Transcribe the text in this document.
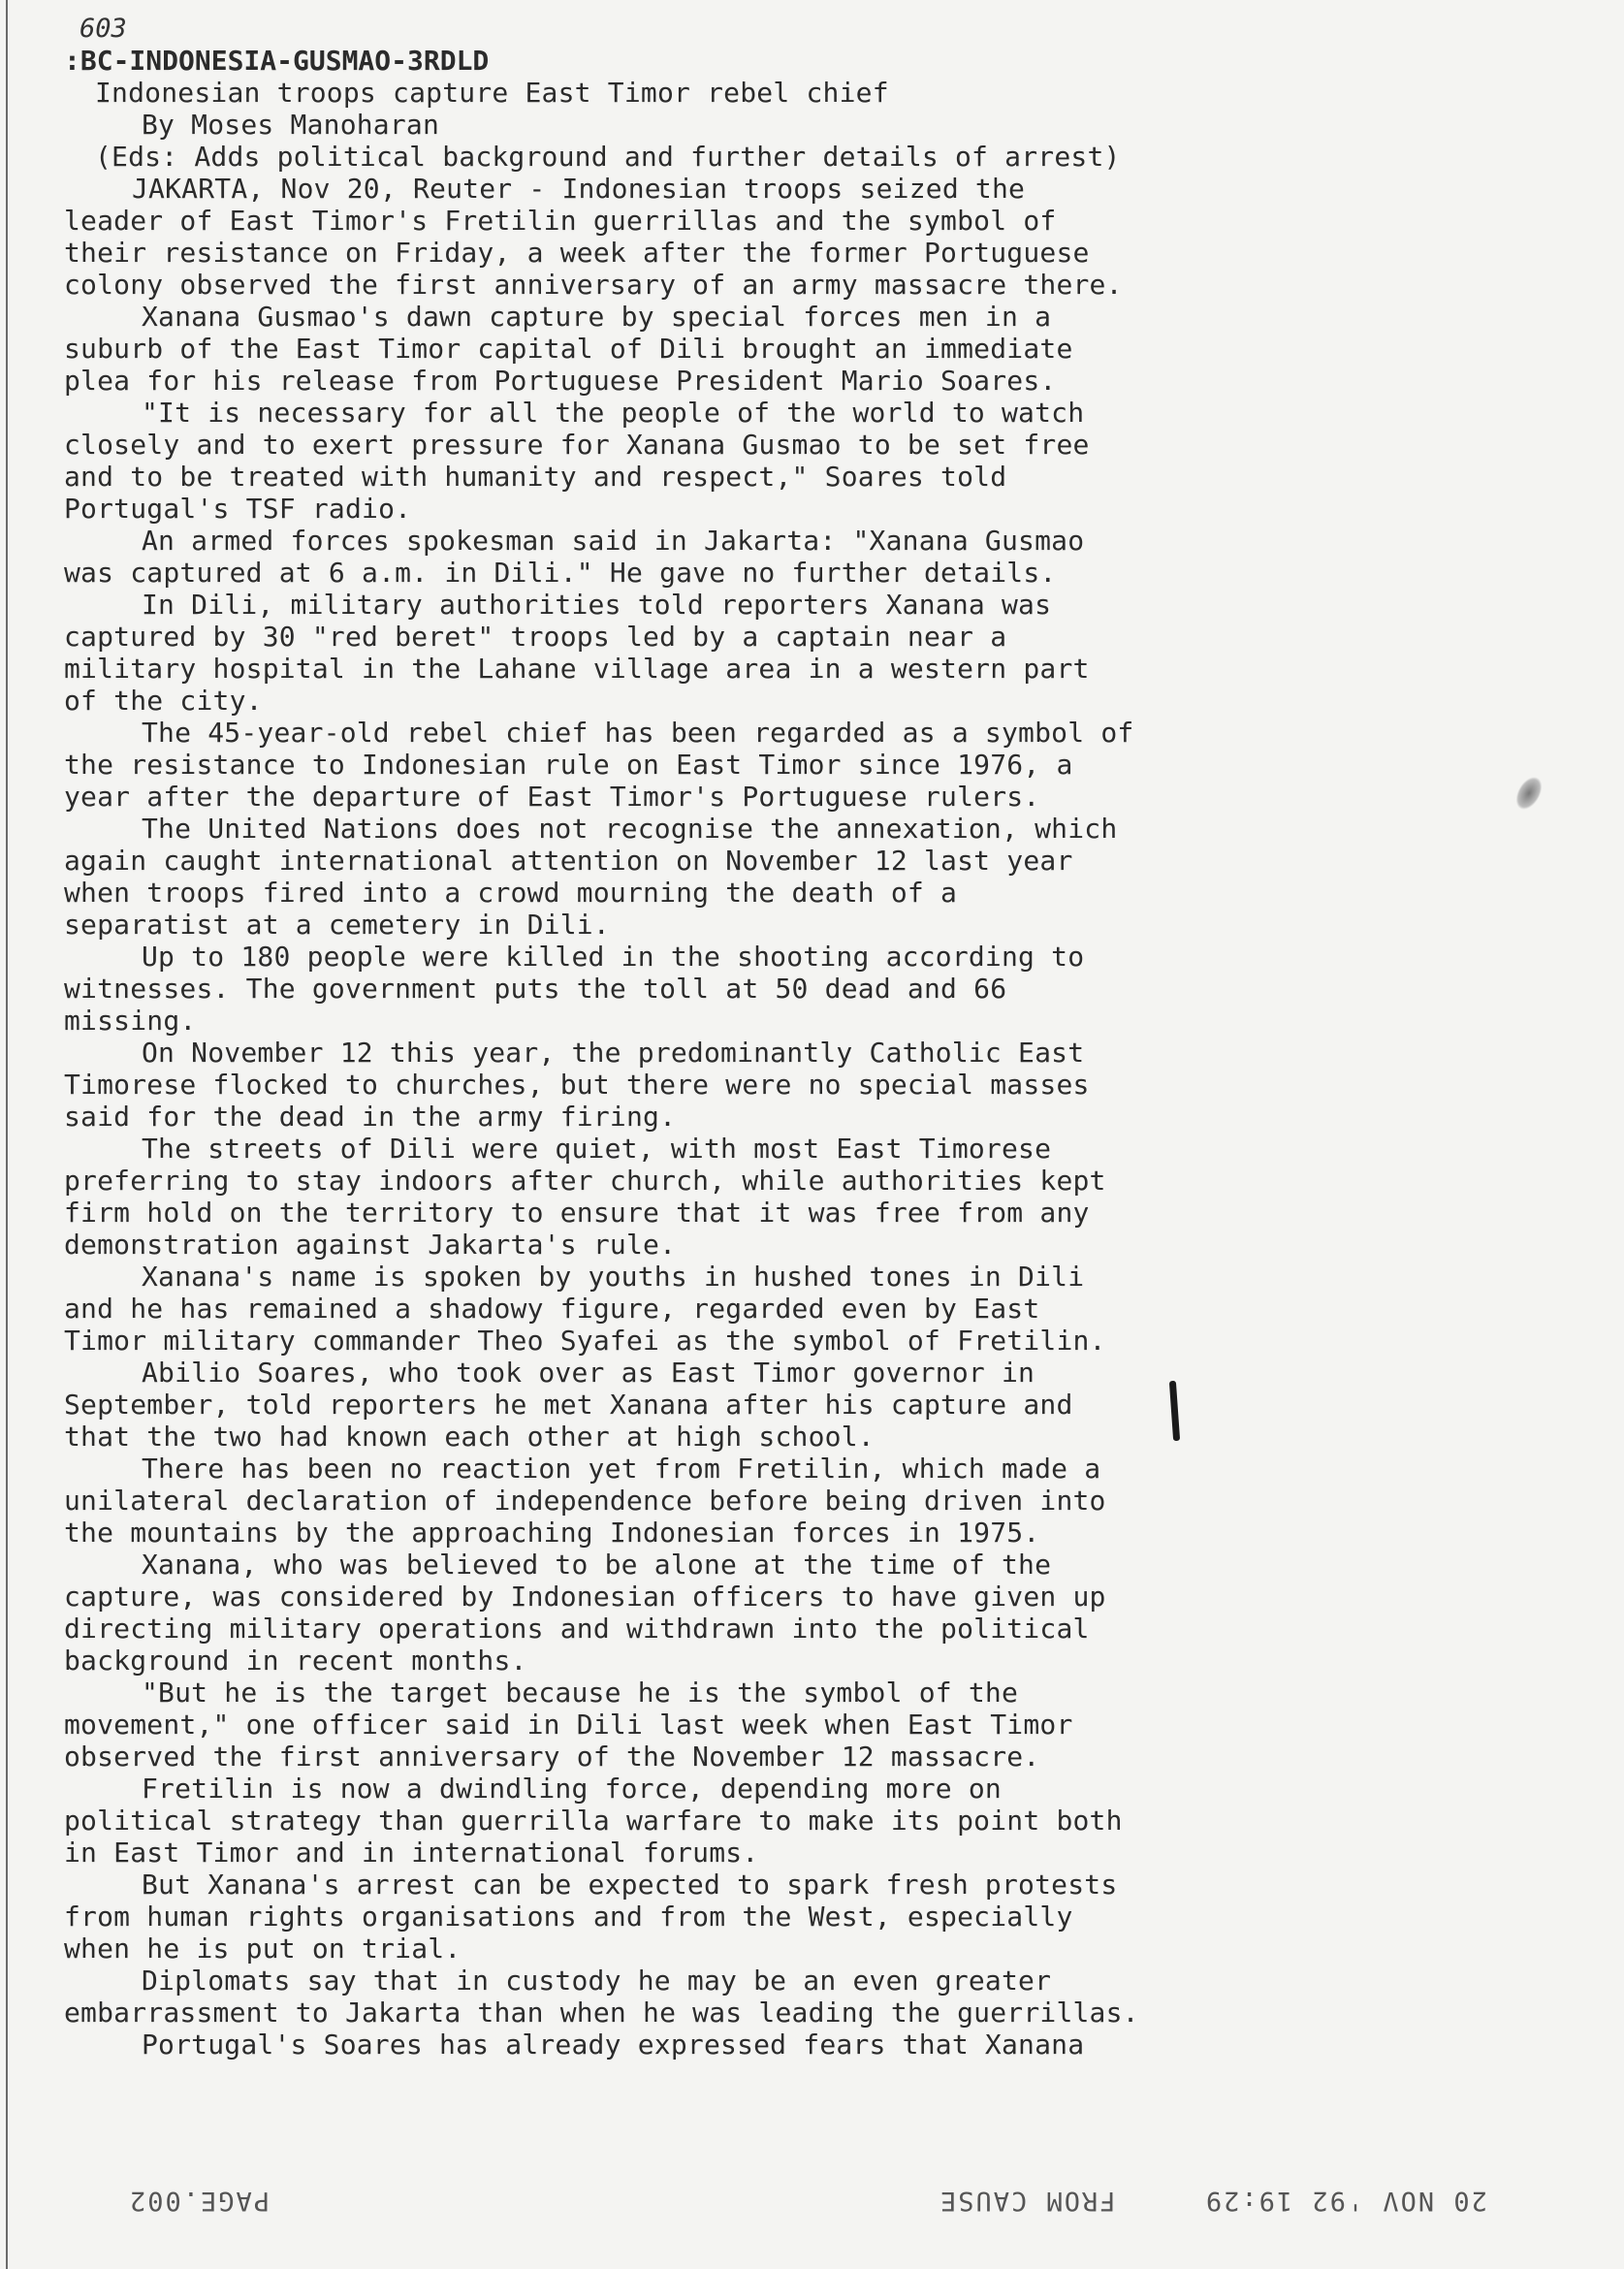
603
:BC-INDONESIA-GUSMAO-3RDLD
Indonesian troops capture East Timor rebel chief
By Moses Manoharan
(Eds: Adds political background and further details of arrest)
JAKARTA, Nov 20, Reuter - Indonesian troops seized the
leader of East Timor's Fretilin guerrillas and the symbol of
their resistance on Friday, a week after the former Portuguese
colony observed the first anniversary of an army massacre there.
Xanana Gusmao's dawn capture by special forces men in a
suburb of the East Timor capital of Dili brought an immediate
plea for his release from Portuguese President Mario Soares.
"It is necessary for all the people of the world to watch
closely and to exert pressure for Xanana Gusmao to be set free
and to be treated with humanity and respect," Soares told
Portugal's TSF radio.
An armed forces spokesman said in Jakarta: "Xanana Gusmao
was captured at 6 a.m. in Dili." He gave no further details.
In Dili, military authorities told reporters Xanana was
captured by 30 "red beret" troops led by a captain near a
military hospital in the Lahane village area in a western part
of the city.
The 45-year-old rebel chief has been regarded as a symbol of
the resistance to Indonesian rule on East Timor since 1976, a
year after the departure of East Timor's Portuguese rulers.
The United Nations does not recognise the annexation, which
again caught international attention on November 12 last year
when troops fired into a crowd mourning the death of a
separatist at a cemetery in Dili.
Up to 180 people were killed in the shooting according to
witnesses. The government puts the toll at 50 dead and 66
missing.
On November 12 this year, the predominantly Catholic East
Timorese flocked to churches, but there were no special masses
said for the dead in the army firing.
The streets of Dili were quiet, with most East Timorese
preferring to stay indoors after church, while authorities kept
firm hold on the territory to ensure that it was free from any
demonstration against Jakarta's rule.
Xanana's name is spoken by youths in hushed tones in Dili
and he has remained a shadowy figure, regarded even by East
Timor military commander Theo Syafei as the symbol of Fretilin.
Abilio Soares, who took over as East Timor governor in
September, told reporters he met Xanana after his capture and
that the two had known each other at high school.
There has been no reaction yet from Fretilin, which made a
unilateral declaration of independence before being driven into
the mountains by the approaching Indonesian forces in 1975.
Xanana, who was believed to be alone at the time of the
capture, was considered by Indonesian officers to have given up
directing military operations and withdrawn into the political
background in recent months.
"But he is the target because he is the symbol of the
movement," one officer said in Dili last week when East Timor
observed the first anniversary of the November 12 massacre.
Fretilin is now a dwindling force, depending more on
political strategy than guerrilla warfare to make its point both
in East Timor and in international forums.
But Xanana's arrest can be expected to spark fresh protests
from human rights organisations and from the West, especially
when he is put on trial.
Diplomats say that in custody he may be an even greater
embarrassment to Jakarta than when he was leading the guerrillas.
Portugal's Soares has already expressed fears that Xanana
PAGE.002	20 NOV '92 19:29     FROM CAUSE
